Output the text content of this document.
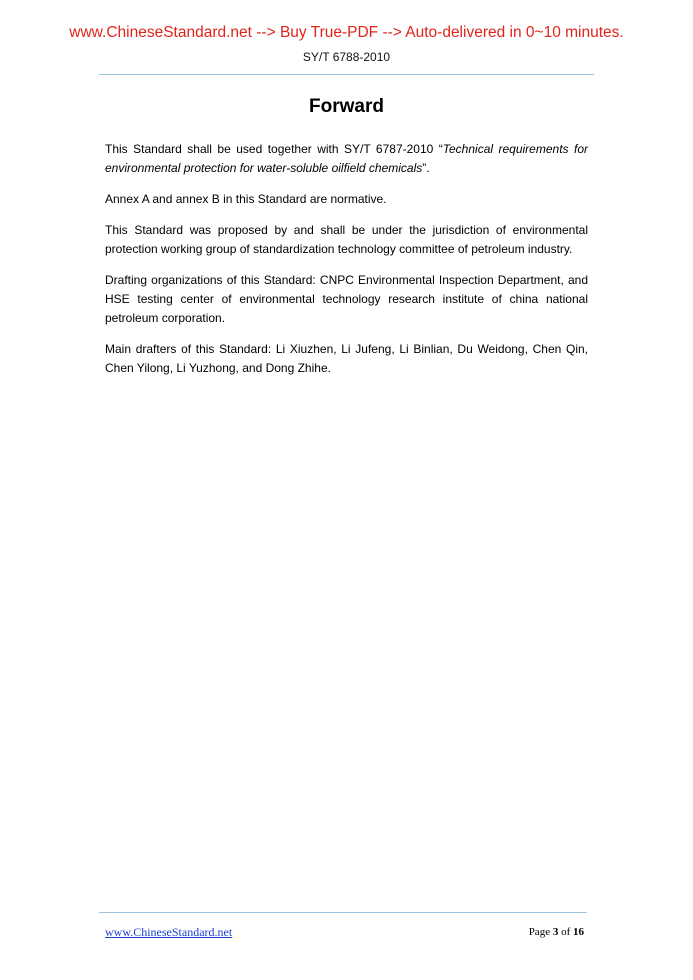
www.ChineseStandard.net --> Buy True-PDF --> Auto-delivered in 0~10 minutes.
SY/T 6788-2010
Forward

This Standard shall be used together with SY/T 6787-2010 “Technical requirements for environmental protection for water-soluble oilfield chemicals”.

Annex A and annex B in this Standard are normative.

This Standard was proposed by and shall be under the jurisdiction of environmental protection working group of standardization technology committee of petroleum industry.

Drafting organizations of this Standard: CNPC Environmental Inspection Department, and HSE testing center of environmental technology research institute of china national petroleum corporation.

Main drafters of this Standard: Li Xiuzhen, Li Jufeng, Li Binlian, Du Weidong, Chen Qin, Chen Yilong, Li Yuzhong, and Dong Zhihe.

www.ChineseStandard.net	Page 3 of 16
